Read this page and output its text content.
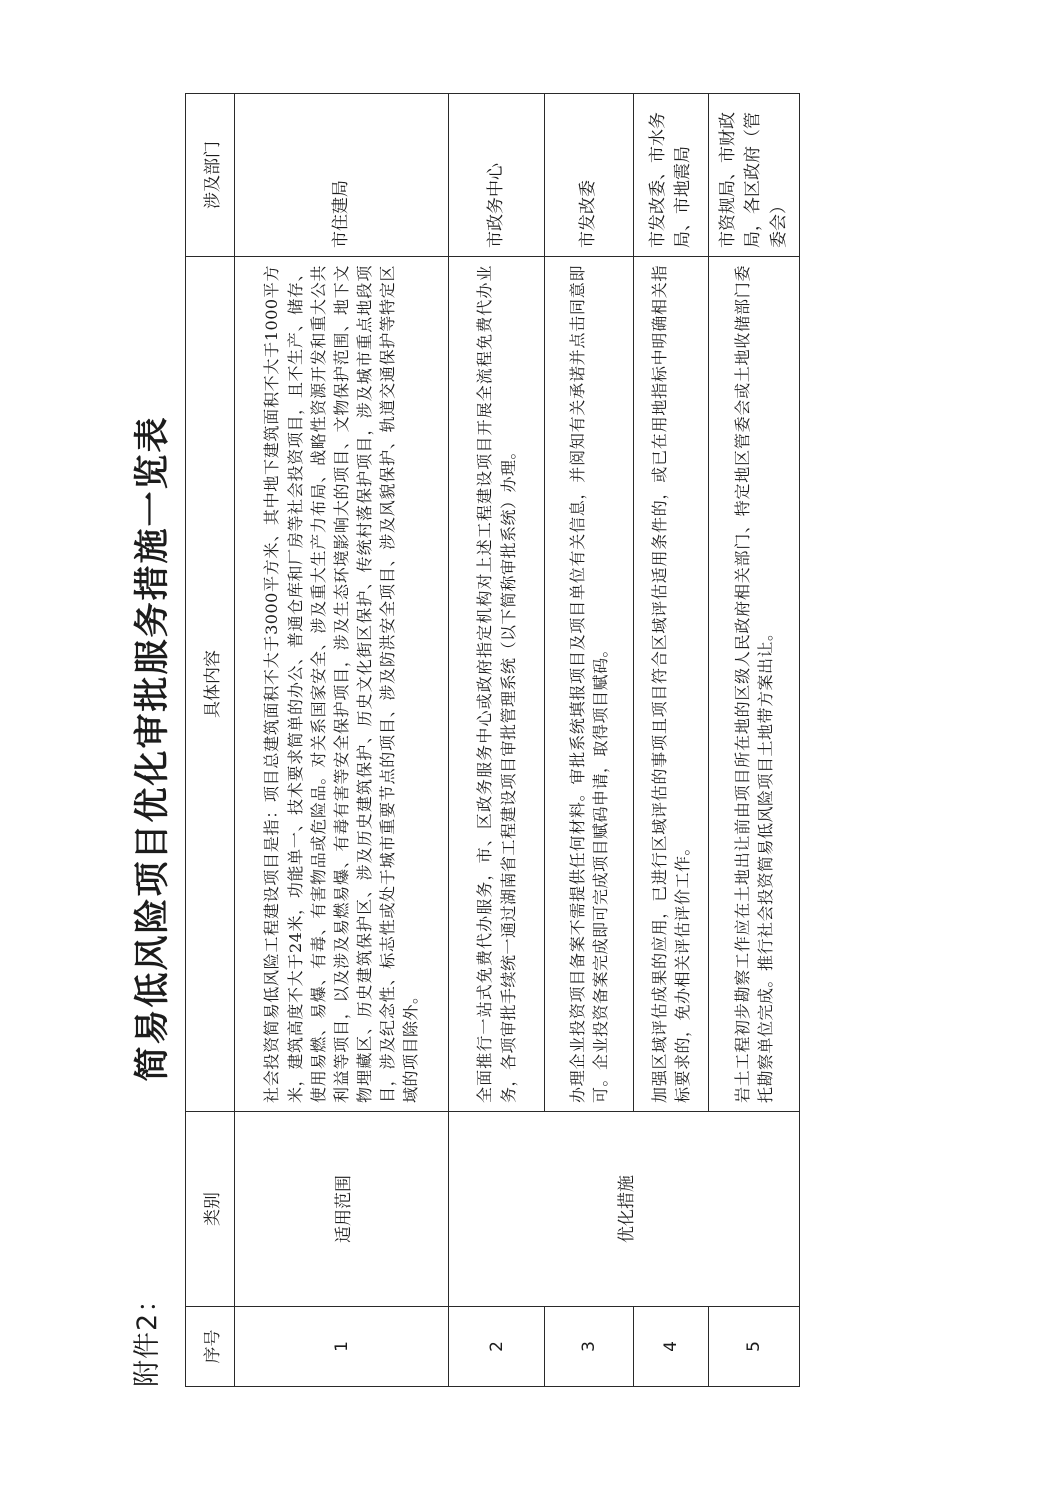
附件2：
简易低风险项目优化审批服务措施一览表
序号	类别	具体内容	涉及部门
1	适用范围	社会投资简易低风险工程建设项目是指：项目总建筑面积不大于3000平方米、其中地下建筑面积不大于1000平方米，建筑高度不大于24米，功能单一、技术要求简单的办公、普通仓库和厂房等社会投资项目，且不生产、储存、使用易燃、易爆、有毒、有害物品或危险品。对关系国家安全、涉及重大生产力布局、战略性资源开发和重大公共利益等项目，以及涉及易燃易爆、有毒有害等安全保护项目，涉及生态环境影响大的项目、文物保护范围、地下文物埋藏区、历史建筑保护区、涉及历史建筑保护、历史文化街区保护、传统村落保护项目，涉及城市重点地段项目，涉及纪念性、标志性或处于城市重要节点的项目、涉及防洪安全项目、涉及风貌保护、轨道交通保护等特定区域的项目除外。	市住建局
2	优化措施	全面推行一站式免费代办服务，市、区政务服务中心或政府指定机构对上述工程建设项目开展全流程免费代办业务，各项审批手续统一通过湖南省工程建设项目审批管理系统（以下简称审批系统）办理。	市政务中心
3		办理企业投资项目备案不需提供任何材料。审批系统填报项目及项目单位有关信息，并阅知有关承诺并点击同意即可。企业投资备案完成即可完成项目赋码申请，取得项目赋码。	市发改委
4		加强区域评估成果的应用，已进行区域评估的事项且项目符合区域评估适用条件的，或已在用地指标中明确相关指标要求的，免办相关评估评价工作。	市发改委、市水务局、市地震局
5		岩土工程初步勘察工作应在土地出让前由项目所在地的区级人民政府相关部门、特定地区管委会或土地收储部门委托勘察单位完成。推行社会投资简易低风险项目土地带方案出让。	市资规局、市财政局，各区政府（管委会）
